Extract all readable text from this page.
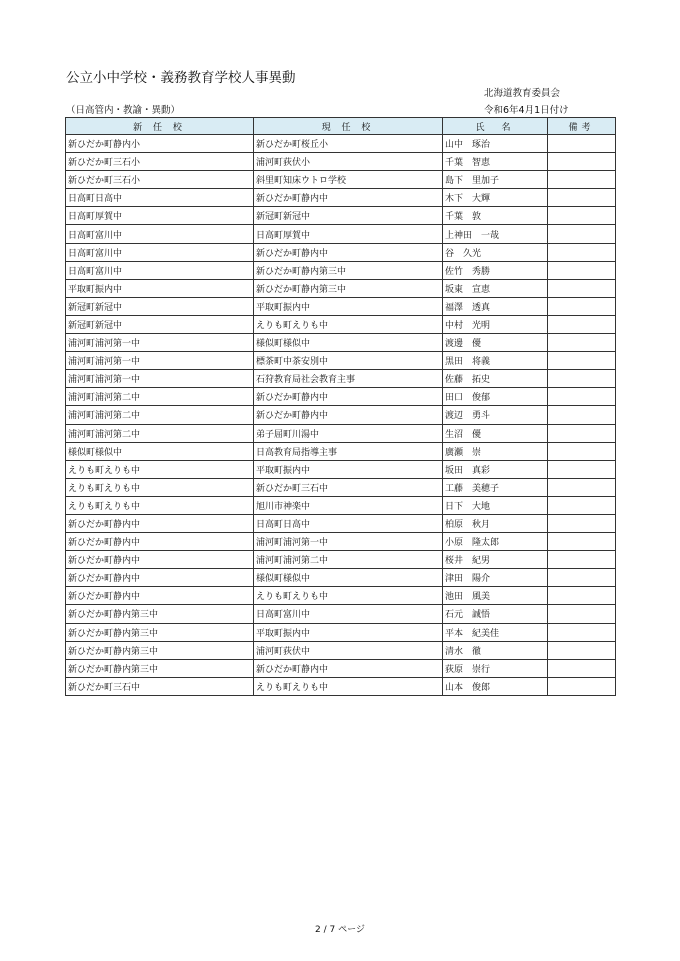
公立小中学校・義務教育学校人事異動
北海道教育委員会
（日高管内・教諭・異動）	令和6年4月1日付け
新 任 校	現 任 校	氏　名	備考
新ひだか町静内小	新ひだか町桜丘小	山中　琢治	
新ひだか町三石小	浦河町荻伏小	千葉　智恵	
新ひだか町三石小	斜里町知床ウトロ学校	島下　里加子	
日高町日高中	新ひだか町静内中	木下　大輝	
日高町厚賀中	新冠町新冠中	千葉　敦	
日高町富川中	日高町厚賀中	上神田　一哉	
日高町富川中	新ひだか町静内中	谷　久光	
日高町富川中	新ひだか町静内第三中	佐竹　秀勝	
平取町振内中	新ひだか町静内第三中	坂東　宣恵	
新冠町新冠中	平取町振内中	福澤　透真	
新冠町新冠中	えりも町えりも中	中村　光明	
浦河町浦河第一中	様似町様似中	渡邊　優	
浦河町浦河第一中	標茶町中茶安別中	黒田　将義	
浦河町浦河第一中	石狩教育局社会教育主事	佐藤　拓史	
浦河町浦河第二中	新ひだか町静内中	田口　俊郁	
浦河町浦河第二中	新ひだか町静内中	渡辺　勇斗	
浦河町浦河第二中	弟子屈町川湯中	生沼　優	
様似町様似中	日高教育局指導主事	廣瀬　崇	
えりも町えりも中	平取町振内中	坂田　真彩	
えりも町えりも中	新ひだか町三石中	工藤　美穂子	
えりも町えりも中	旭川市神楽中	日下　大地	
新ひだか町静内中	日高町日高中	柏原　秋月	
新ひだか町静内中	浦河町浦河第一中	小原　隆太郎	
新ひだか町静内中	浦河町浦河第二中	桜井　紀男	
新ひだか町静内中	様似町様似中	津田　陽介	
新ひだか町静内中	えりも町えりも中	池田　風美	
新ひだか町静内第三中	日高町富川中	石元　誠悟	
新ひだか町静内第三中	平取町振内中	平本　紀美佳	
新ひだか町静内第三中	浦河町荻伏中	清水　徹	
新ひだか町静内第三中	新ひだか町静内中	荻原　崇行	
新ひだか町三石中	えりも町えりも中	山本　俊郎	
2 / 7 ページ
